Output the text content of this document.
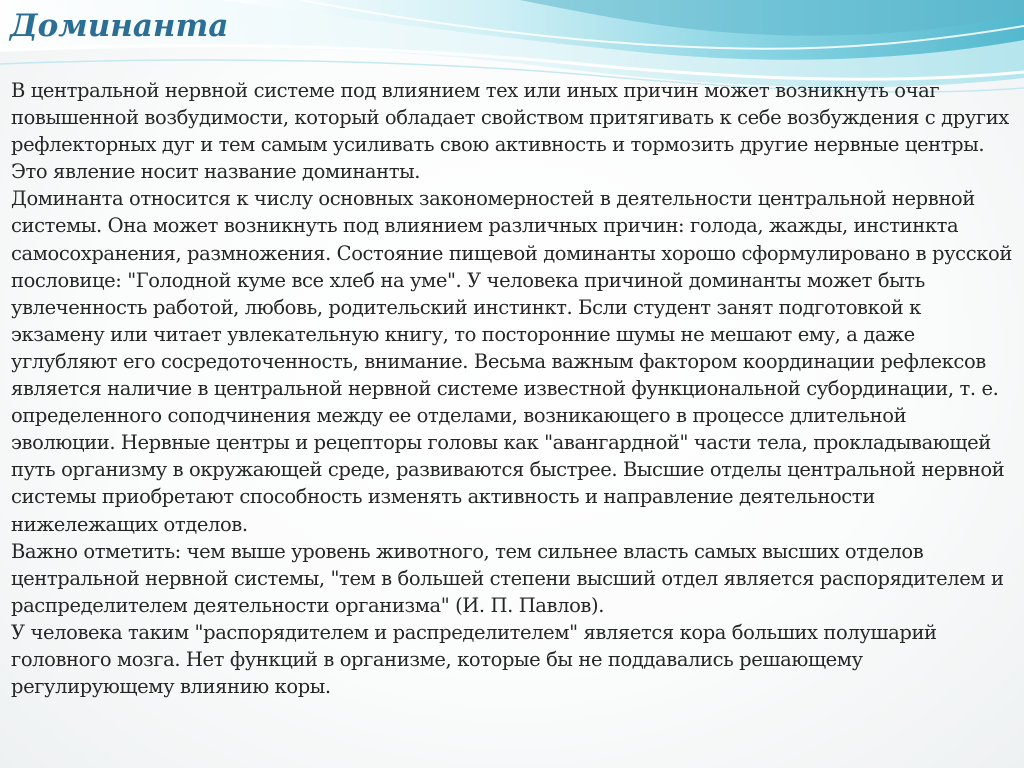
Доминанта

В центральной нервной системе под влиянием тех или иных причин может возникнуть очаг повышенной возбудимости, который обладает свойством притягивать к себе возбуждения с других рефлекторных дуг и тем самым усиливать свою активность и тормозить другие нервные центры. Это явление носит название доминанты.

Доминанта относится к числу основных закономерностей в деятельности центральной нервной системы. Она может возникнуть под влиянием различных причин: голода, жажды, инстинкта самосохранения, размножения. Состояние пищевой доминанты хорошо сформулировано в русской пословице: "Голодной куме все хлеб на уме". У человека причиной доминанты может быть увлеченность работой, любовь, родительский инстинкт. Бсли студент занят подготовкой к экзамену или читает увлекательную книгу, то посторонние шумы не мешают ему, а даже углубляют его сосредоточенность, внимание. Весьма важным фактором координации рефлексов является наличие в центральной нервной системе известной функциональной субординации, т. е. определенного соподчинения между ее отделами, возникающего в процессе длительной эволюции. Нервные центры и рецепторы головы как "авангардной" части тела, прокладывающей путь организму в окружающей среде, развиваются быстрее. Высшие отделы центральной нервной системы приобретают способность изменять активность и направление деятельности нижележащих отделов.

Важно отметить: чем выше уровень животного, тем сильнее власть самых высших отделов центральной нервной системы, "тем в большей степени высший отдел является распорядителем и распределителем деятельности организма" (И. П. Павлов).

У человека таким "распорядителем и распределителем" является кора больших полушарий головного мозга. Нет функций в организме, которые бы не поддавались решающему регулирующему влиянию коры.
